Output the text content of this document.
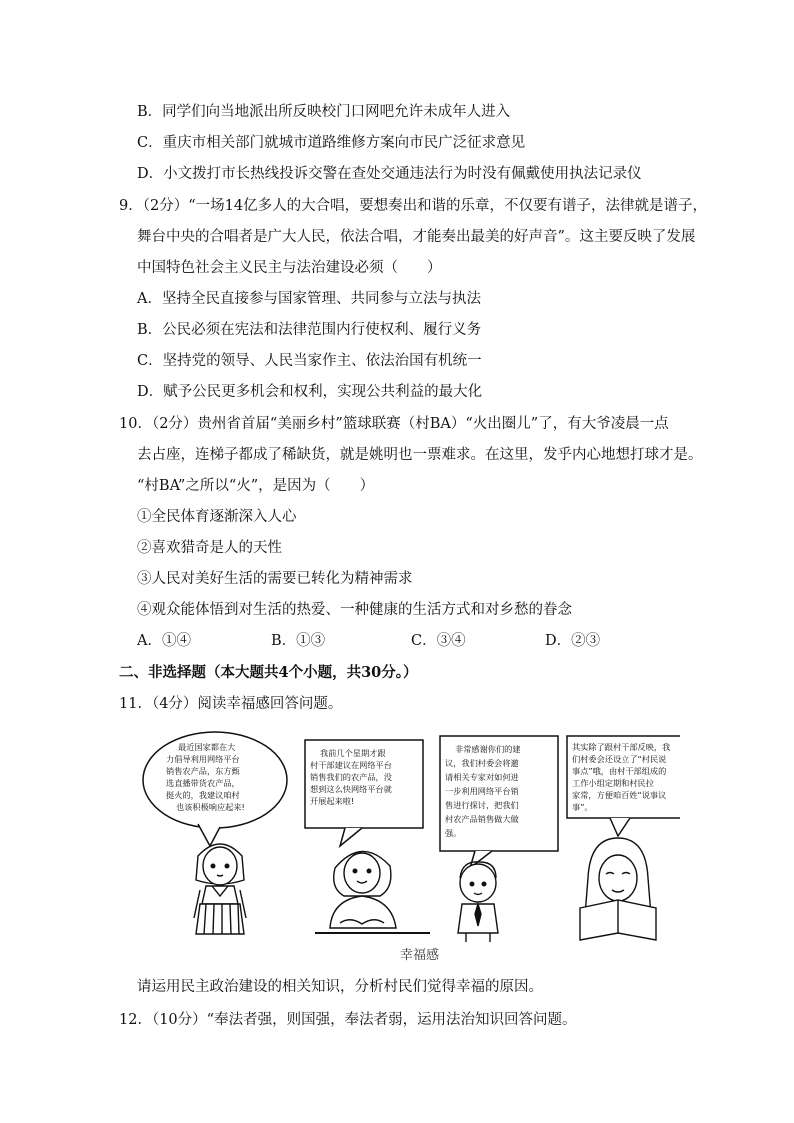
B．同学们向当地派出所反映校门口网吧允许未成年人进入
C．重庆市相关部门就城市道路维修方案向市民广泛征求意见
D．小文拨打市长热线投诉交警在查处交通违法行为时没有佩戴使用执法记录仪
9．（2分）“一场14亿多人的大合唱，要想奏出和谐的乐章，不仅要有谱子，法律就是谱子，
舞台中央的合唱者是广大人民，依法合唱，才能奏出最美的好声音”。这主要反映了发展
中国特色社会主义民主与法治建设必须（　　）
A．坚持全民直接参与国家管理、共同参与立法与执法
B．公民必须在宪法和法律范围内行使权利、履行义务
C．坚持党的领导、人民当家作主、依法治国有机统一
D．赋予公民更多机会和权利，实现公共利益的最大化
10．（2分）贵州省首届“美丽乡村”篮球联赛（村BA）“火出圈儿”了，有大爷凌晨一点
去占座，连梯子都成了稀缺货，就是姚明也一票难求。在这里，发乎内心地想打球才是。
“村BA”之所以“火”，是因为（　　）
①全民体育逐渐深入人心
②喜欢猎奇是人的天性
③人民对美好生活的需要已转化为精神需求
④观众能体悟到对生活的热爱、一种健康的生活方式和对乡愁的眷念
A．①④	B．①③	C．③④	D．②③
二、非选择题（本大题共4个小题，共30分。）
11．（4分）阅读幸福感回答问题。
最近国家都在大
力倡导利用网络平台
销售农产品，东方甄
选直播带货农产品，
挺火的，我建议咱村
也该积极响应起来!
我前几个星期才跟
村干部建议在网络平台
销售我们的农产品，没
想到这么快网络平台就
开展起来啦!
非常感谢你们的建
议，我们村委会将邀
请相关专家对如何进
一步利用网络平台销
售进行探讨，把我们
村农产品销售做大做
强。
其实除了跟村干部反映，我
们村委会还设立了“村民说
事点”哦，由村干部组成的
工作小组定期和村民拉
家常，方便咱百姓“说事议
事”。
幸福感
请运用民主政治建设的相关知识，分析村民们觉得幸福的原因。
12．（10分）“奉法者强，则国强，奉法者弱，运用法治知识回答问题。
